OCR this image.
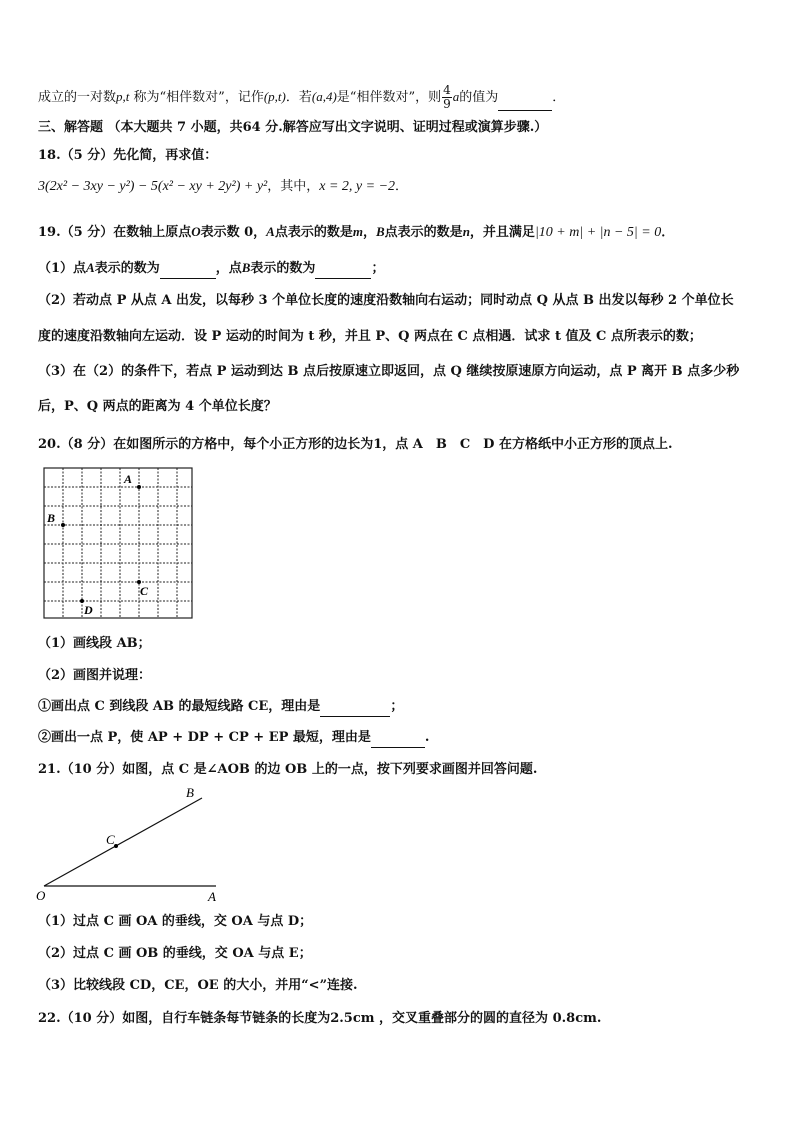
成立的一对数p,t 称为“相伴数对”，记作(p,t)．若(a,4)是“相伴数对”，则 $\frac{4}{9}$ a的值为	．
三、解答题 （本大题共 7 小题，共64 分.解答应写出文字说明、证明过程或演算步骤.）
18.（5 分）先化简，再求值：
3(2x² − 3xy − y²) − 5(x² − xy + 2y²) + y²，其中，x = 2, y = −2．
19.（5 分）在数轴上原点O表示数 0，A点表示的数是m，B点表示的数是n，并且满足|10 + m| + |n − 5| = 0．
（1）点A表示的数为	，点B表示的数为	；
（2）若动点 P 从点 A 出发，以每秒 3 个单位长度的速度沿数轴向右运动；同时动点 Q 从点 B 出发以每秒 2 个单位长
度的速度沿数轴向左运动．设 P 运动的时间为 t 秒，并且 P、Q 两点在 C 点相遇．试求 t 值及 C 点所表示的数；
（3）在（2）的条件下，若点 P 运动到达 B 点后按原速立即返回，点 Q 继续按原速原方向运动，点 P 离开 B 点多少秒
后，P、Q 两点的距离为 4 个单位长度？
20.（8 分）在如图所示的方格中，每个小正方形的边长为1，点 A　B　C　D 在方格纸中小正方形的顶点上.
A
B
C
D
（1）画线段 AB；
（2）画图并说理：
①画出点 C 到线段 AB 的最短线路 CE，理由是	；
②画出一点 P，使 AP + DP + CP + EP 最短，理由是	.
21.（10 分）如图，点 C 是∠AOB 的边 OB 上的一点，按下列要求画图并回答问题.
O	A
B
C
（1）过点 C 画 OA 的垂线，交 OA 与点 D；
（2）过点 C 画 OB 的垂线，交 OA 与点 E；
（3）比较线段 CD，CE，OE 的大小，并用“<”连接.
22.（10 分）如图，自行车链条每节链条的长度为2.5cm ，交叉重叠部分的圆的直径为 0.8cm.
